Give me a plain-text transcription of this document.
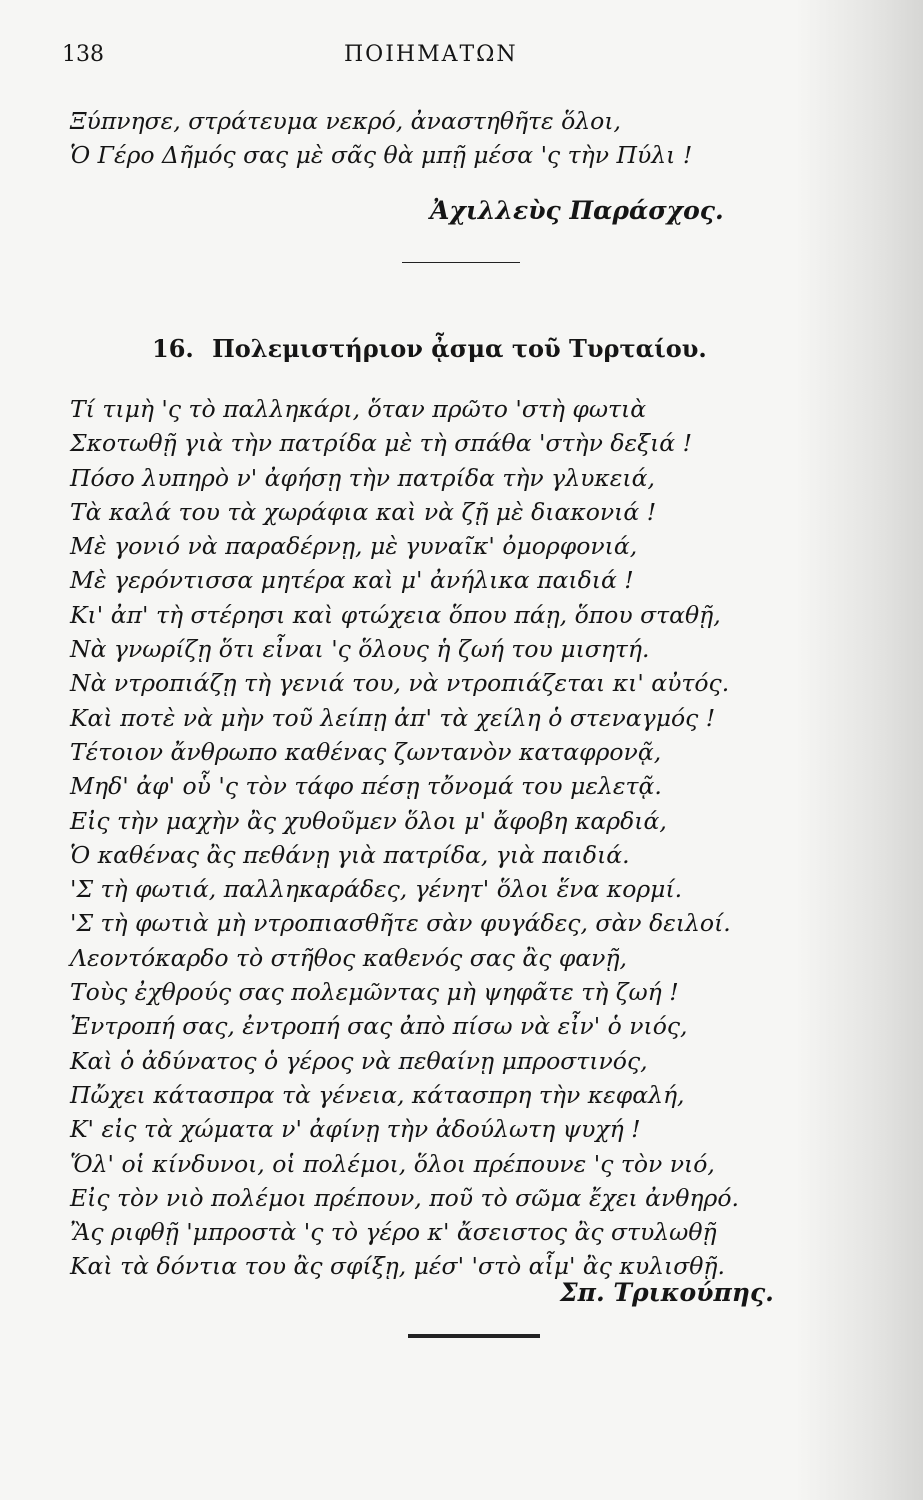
138	ΠΟΙΗΜΑΤΩΝ
Ξύπνησε, στράτευμα νεκρό, ἀναστηθῆτε ὅλοι,
Ὁ Γέρο Δῆμός σας μὲ σᾶς θὰ μπῇ μέσα 'ς τὴν Πύλι !
Ἀχιλλεὺς Παράσχος.
16. Πολεμιστήριον ᾆσμα τοῦ Τυρταίου.
Τί τιμὴ 'ς τὸ παλληκάρι, ὅταν πρῶτο 'στὴ φωτιὰ
Σκοτωθῇ γιὰ τὴν πατρίδα μὲ τὴ σπάθα 'στὴν δεξιά !
Πόσο λυπηρὸ ν' ἀφήσῃ τὴν πατρίδα τὴν γλυκειά,
Τὰ καλά του τὰ χωράφια καὶ νὰ ζῇ μὲ διακονιά !
Μὲ γονιό νὰ παραδέρνῃ, μὲ γυναῖκ' ὀμορφονιά,
Μὲ γερόντισσα μητέρα καὶ μ' ἀνήλικα παιδιά !
Κι' ἀπ' τὴ στέρησι καὶ φτώχεια ὅπου πάῃ, ὅπου σταθῇ,
Νὰ γνωρίζῃ ὅτι εἶναι 'ς ὅλους ἡ ζωή του μισητή.
Νὰ ντροπιάζῃ τὴ γενιά του, νὰ ντροπιάζεται κι' αὐτός.
Καὶ ποτὲ νὰ μὴν τοῦ λείπῃ ἀπ' τὰ χείλη ὁ στεναγμός !
Τέτοιον ἄνθρωπο καθένας ζωντανὸν καταφρονᾷ,
Μηδ' ἀφ' οὗ 'ς τὸν τάφο πέσῃ τὄνομά του μελετᾷ.
Εἰς τὴν μαχὴν ἂς χυθοῦμεν ὅλοι μ' ἄφοβη καρδιά,
Ὁ καθένας ἂς πεθάνῃ γιὰ πατρίδα, γιὰ παιδιά.
'Σ τὴ φωτιά, παλληκαράδες, γένητ' ὅλοι ἕνα κορμί.
'Σ τὴ φωτιὰ μὴ ντροπιασθῆτε σὰν φυγάδες, σὰν δειλοί.
Λεοντόκαρδο τὸ στῆθος καθενός σας ἂς φανῇ,
Τοὺς ἐχθρούς σας πολεμῶντας μὴ ψηφᾶτε τὴ ζωή !
Ἐντροπή σας, ἐντροπή σας ἀπὸ πίσω νὰ εἶν' ὁ νιός,
Καὶ ὁ ἀδύνατος ὁ γέρος νὰ πεθαίνῃ μπροστινός,
Πὤχει κάτασπρα τὰ γένεια, κάτασπρη τὴν κεφαλή,
Κ' εἰς τὰ χώματα ν' ἀφίνῃ τὴν ἀδούλωτη ψυχή !
Ὅλ' οἱ κίνδυνοι, οἱ πολέμοι, ὅλοι πρέπουνε 'ς τὸν νιό,
Εἰς τὸν νιὸ πολέμοι πρέπουν, ποῦ τὸ σῶμα ἔχει ἀνθηρό.
Ἂς ριφθῇ 'μπροστὰ 'ς τὸ γέρο κ' ἄσειστος ἂς στυλωθῇ
Καὶ τὰ δόντια του ἂς σφίξῃ, μέσ' 'στὸ αἷμ' ἂς κυλισθῇ.
Σπ. Τρικούπης.
